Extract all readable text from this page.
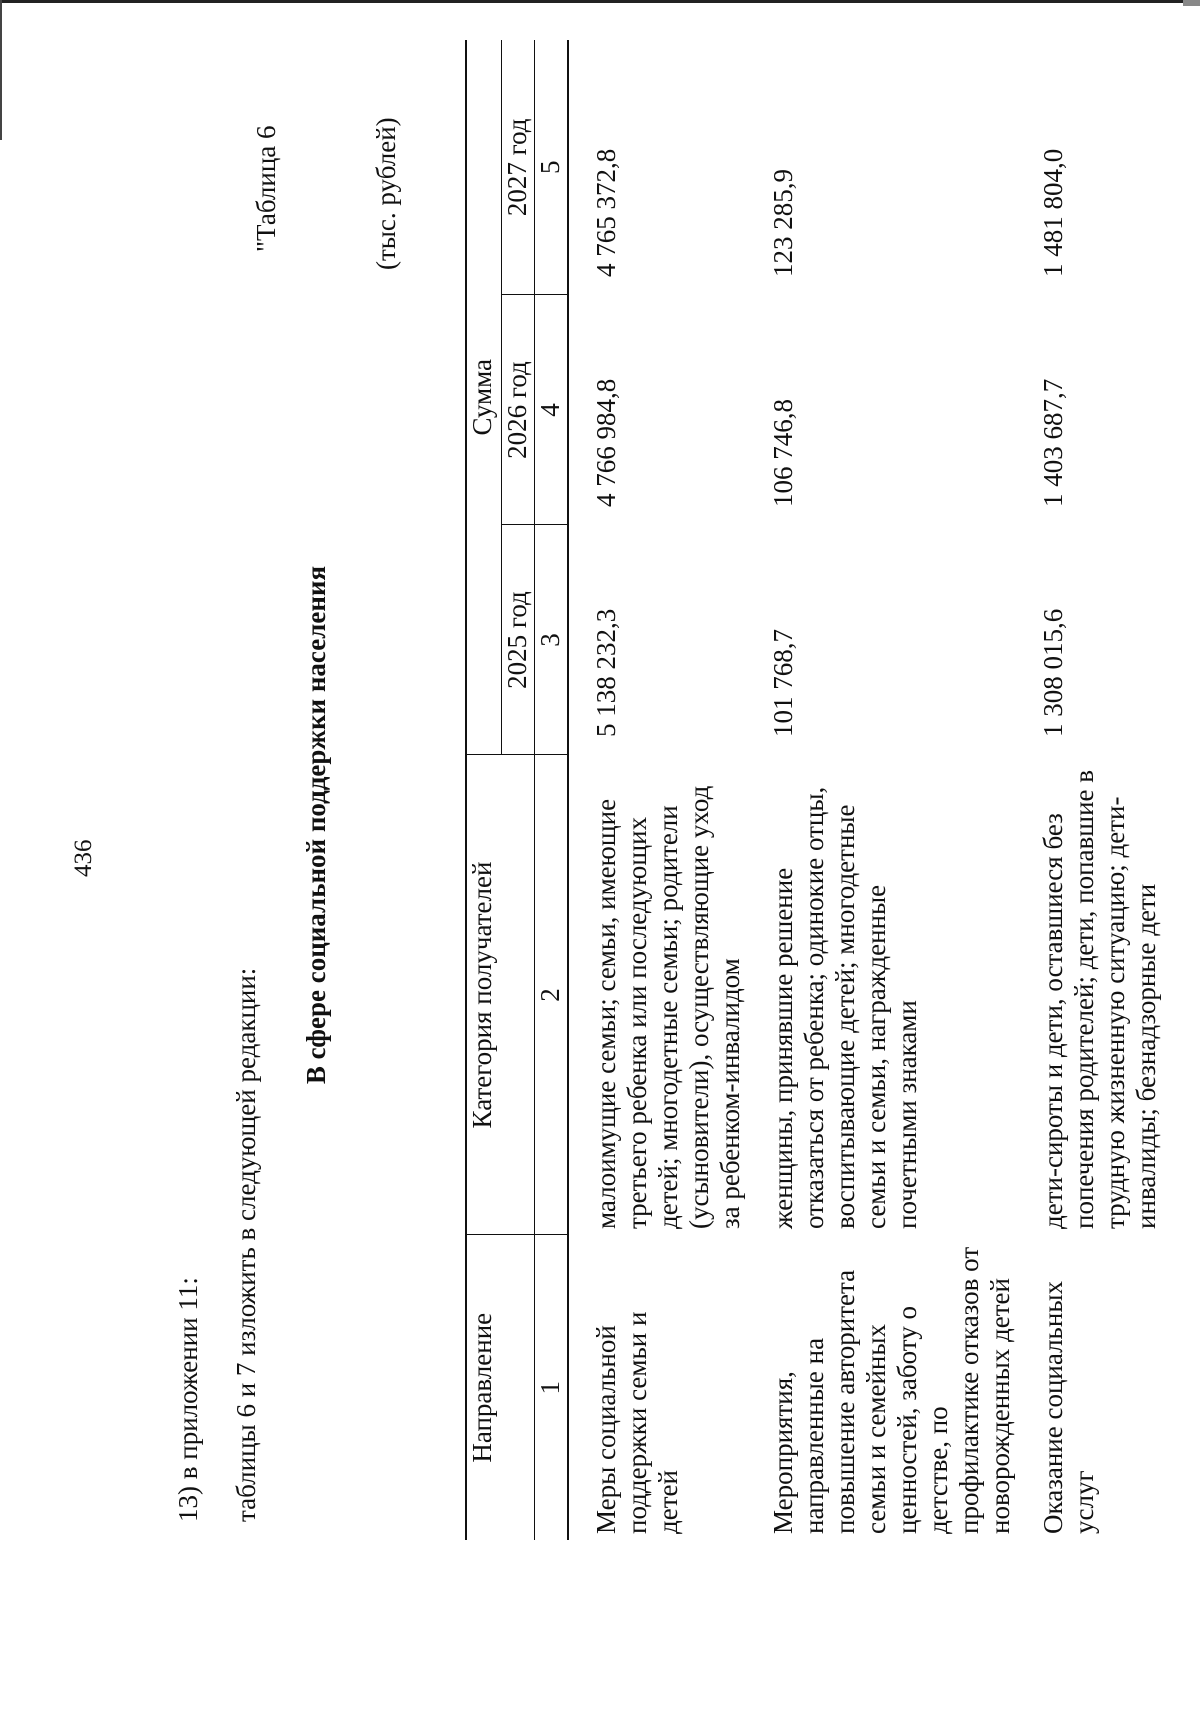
436
13) в приложении 11: таблицы 6 и 7 изложить в следующей редакции:
"Таблица 6
В сфере социальной поддержки населения
(тыс. рублей)
Направление	Категория получателей	Сумма		
		2025 год	2026 год	2027 год
1	2	3	4	5
Меры социальной поддержки семьи и детей	малоимущие семьи; семьи, имеющие третьего ребенка или последующих детей; многодетные семьи; родители (усыновители), осуществляющие уход за ребенком-инвалидом	5 138 232,3	4 766 984,8	4 765 372,8
Мероприятия, направленные на повышение авторитета семьи и семейных ценностей, заботу о детстве, по профилактике отказов от новорожденных детей	женщины, принявшие решение отказаться от ребенка; одинокие отцы, воспитывающие детей; многодетные семьи и семьи, награжденные почетными знаками	101 768,7	106 746,8	123 285,9
Оказание социальных услуг	дети-сироты и дети, оставшиеся без попечения родителей; дети, попавшие в трудную жизненную ситуацию; дети-инвалиды; безнадзорные дети	1 308 015,6	1 403 687,7	1 481 804,0
